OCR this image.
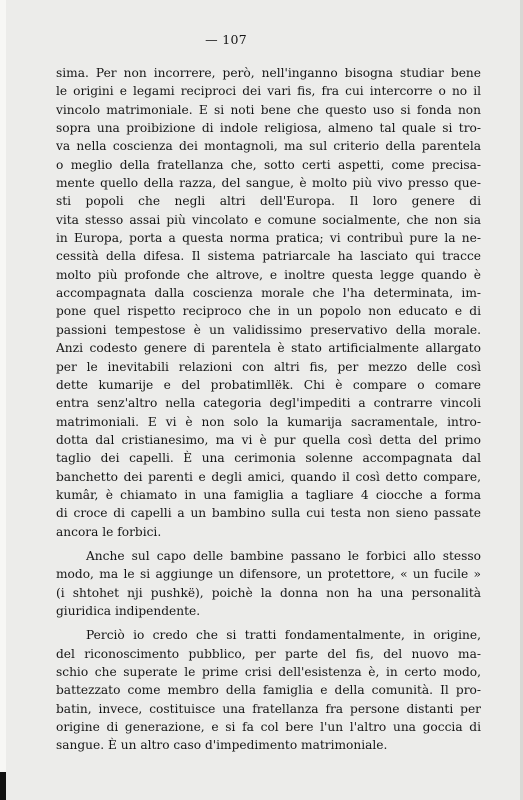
— 107
sima. Per non incorrere, però, nell'inganno bisogna studiar bene
le origini e legami reciproci dei vari fis, fra cui intercorre o no il
vincolo matrimoniale. E si noti bene che questo uso si fonda non
sopra una proibizione di indole religiosa, almeno tal quale si tro-
va nella coscienza dei montagnoli, ma sul criterio della parentela
o meglio della fratellanza che, sotto certi aspetti, come precisa-
mente quello della razza, del sangue, è molto più vivo presso que-
sti popoli che negli altri dell'Europa. Il loro genere di
vita stesso assai più vincolato e comune socialmente, che non sia
in Europa, porta a questa norma pratica; vi contribuì pure la ne-
cessità della difesa. Il sistema patriarcale ha lasciato qui tracce
molto più profonde che altrove, e inoltre questa legge quando è
accompagnata dalla coscienza morale che l'ha determinata, im-
pone quel rispetto reciproco che in un popolo non educato e di
passioni tempestose è un validissimo preservativo della morale.
Anzi codesto genere di parentela è stato artificialmente allargato
per le inevitabili relazioni con altri fis, per mezzo delle così
dette kumarije e del probatimllëk. Chi è compare o comare
entra senz'altro nella categoria degl'impediti a contrarre vincoli
matrimoniali. E vi è non solo la kumarija sacramentale, intro-
dotta dal cristianesimo, ma vi è pur quella così detta del primo
taglio dei capelli. È una cerimonia solenne accompagnata dal
banchetto dei parenti e degli amici, quando il così detto compare,
kumâr, è chiamato in una famiglia a tagliare 4 ciocche a forma
di croce di capelli a un bambino sulla cui testa non sieno passate
ancora le forbici.
Anche sul capo delle bambine passano le forbici allo stesso
modo, ma le si aggiunge un difensore, un protettore, « un fucile »
(i shtohet nji pushkë), poichè la donna non ha una personalità
giuridica indipendente.
Perciò io credo che si tratti fondamentalmente, in origine,
del riconoscimento pubblico, per parte del fis, del nuovo ma-
schio che superate le prime crisi dell'esistenza è, in certo modo,
battezzato come membro della famiglia e della comunità. Il pro-
batin, invece, costituisce una fratellanza fra persone distanti per
origine di generazione, e si fa col bere l'un l'altro una goccia di
sangue. È un altro caso d'impedimento matrimoniale.
